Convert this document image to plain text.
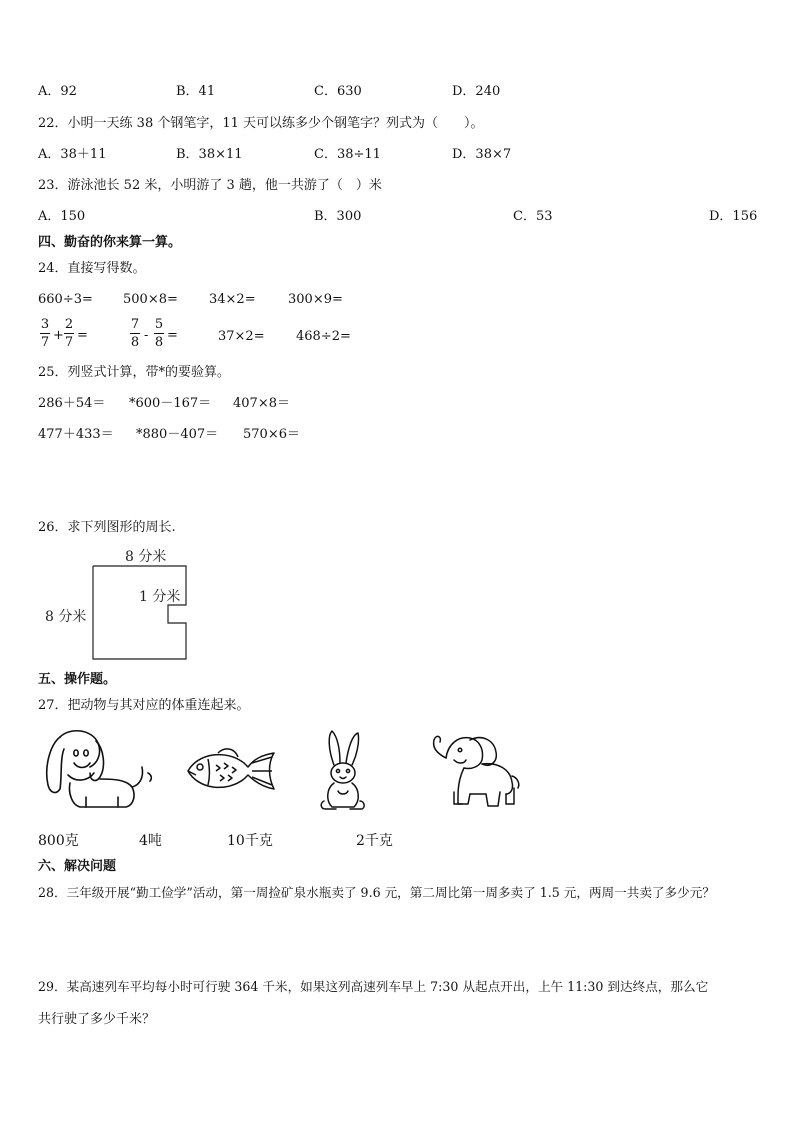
A．92	B．41	C．630	D．240
22．小明一天练 38 个钢笔字，11 天可以练多少个钢笔字？列式为（　　）。
A．38＋11	B．38×11	C．38÷11	D．38×7
23．游泳池长 52 米，小明游了 3 趟，他一共游了（　）米
A．150	B．300	C．53	D．156
四、勤奋的你来算一算。
24．直接写得数。
660÷3= 500×8= 34×2= 300×9=
3
7 +
2
7 =
7
8 -
5
8 =	37×2= 468÷2=
25．列竖式计算，带*的要验算。
286＋54＝ *600－167＝ 407×8＝
477＋433＝ *880－407＝ 570×6＝
26．求下列图形的周长.
8 分米
8 分米
1 分米
五、操作题。
27．把动物与其对应的体重连起来。
800克	4吨	10千克	2千克
六、解决问题
28．三年级开展“勤工俭学”活动，第一周捡矿泉水瓶卖了 9.6 元，第二周比第一周多卖了 1.5 元，两周一共卖了多少元？
29．某高速列车平均每小时可行驶 364 千米，如果这列高速列车早上 7:30 从起点开出，上午 11:30 到达终点，那么它
共行驶了多少千米？
